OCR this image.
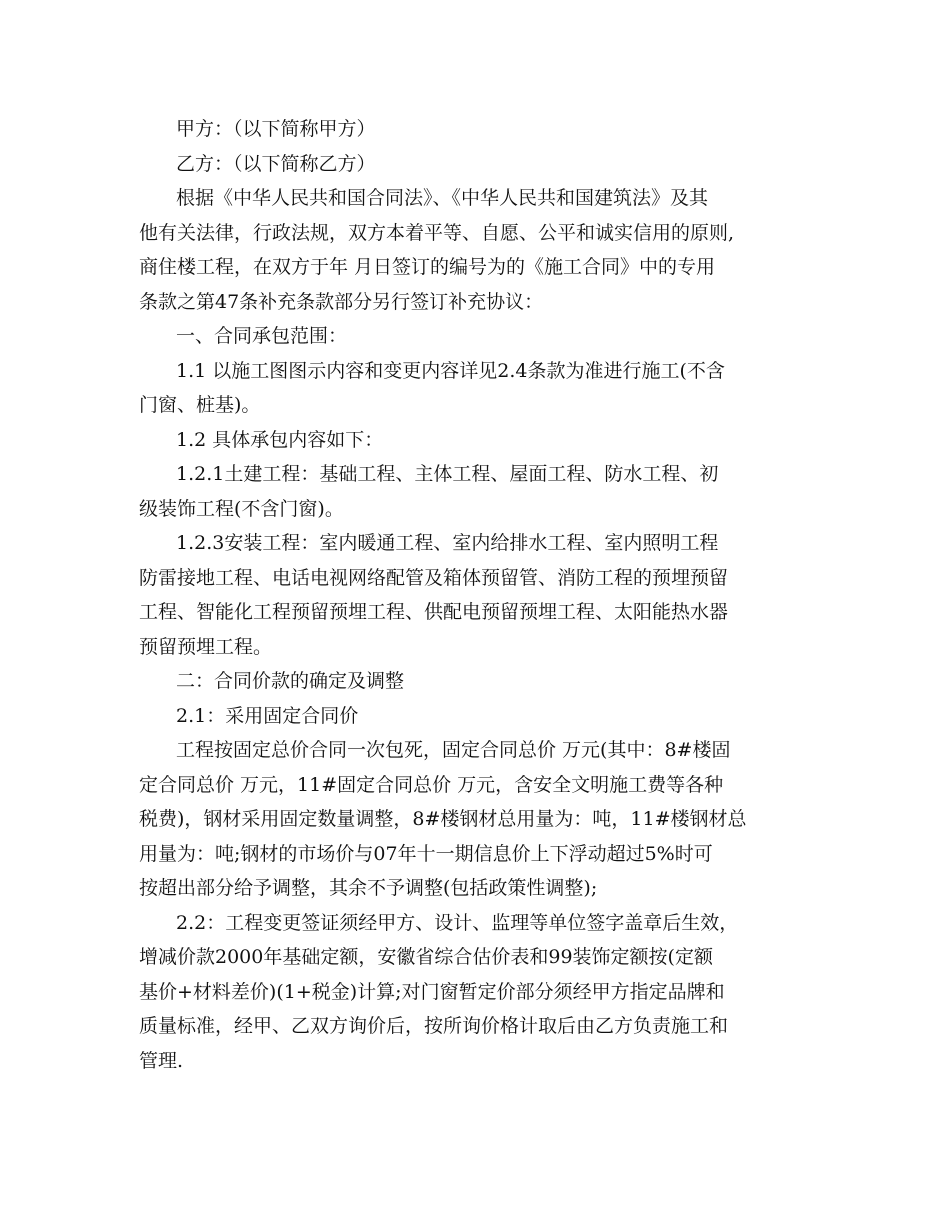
甲方：（以下简称甲方）
乙方：（以下简称乙方）
根据《中华人民共和国合同法》、《中华人民共和国建筑法》及其
他有关法律，行政法规，双方本着平等、自愿、公平和诚实信用的原则,
商住楼工程，在双方于年 月日签订的编号为的《施工合同》中的专用
条款之第47条补充条款部分另行签订补充协议：
一、合同承包范围：
1.1 以施工图图示内容和变更内容详见2.4条款为准进行施工(不含
门窗、桩基)。
1.2 具体承包内容如下：
1.2.1土建工程：基础工程、主体工程、屋面工程、防水工程、初
级装饰工程(不含门窗)。
1.2.3安装工程：室内暖通工程、室内给排水工程、室内照明工程
防雷接地工程、电话电视网络配管及箱体预留管、消防工程的预埋预留
工程、智能化工程预留预埋工程、供配电预留预埋工程、太阳能热水器
预留预埋工程。
二：合同价款的确定及调整
2.1：采用固定合同价
工程按固定总价合同一次包死，固定合同总价 万元(其中：8#楼固
定合同总价 万元，11#固定合同总价 万元，含安全文明施工费等各种
税费)，钢材采用固定数量调整，8#楼钢材总用量为：吨，11#楼钢材总
用量为：吨;钢材的市场价与07年十一期信息价上下浮动超过5%时可
按超出部分给予调整，其余不予调整(包括政策性调整);
2.2：工程变更签证须经甲方、设计、监理等单位签字盖章后生效，
增减价款2000年基础定额，安徽省综合估价表和99装饰定额按(定额
基价+材料差价)(1+税金)计算;对门窗暂定价部分须经甲方指定品牌和
质量标准，经甲、乙双方询价后，按所询价格计取后由乙方负责施工和
管理.
